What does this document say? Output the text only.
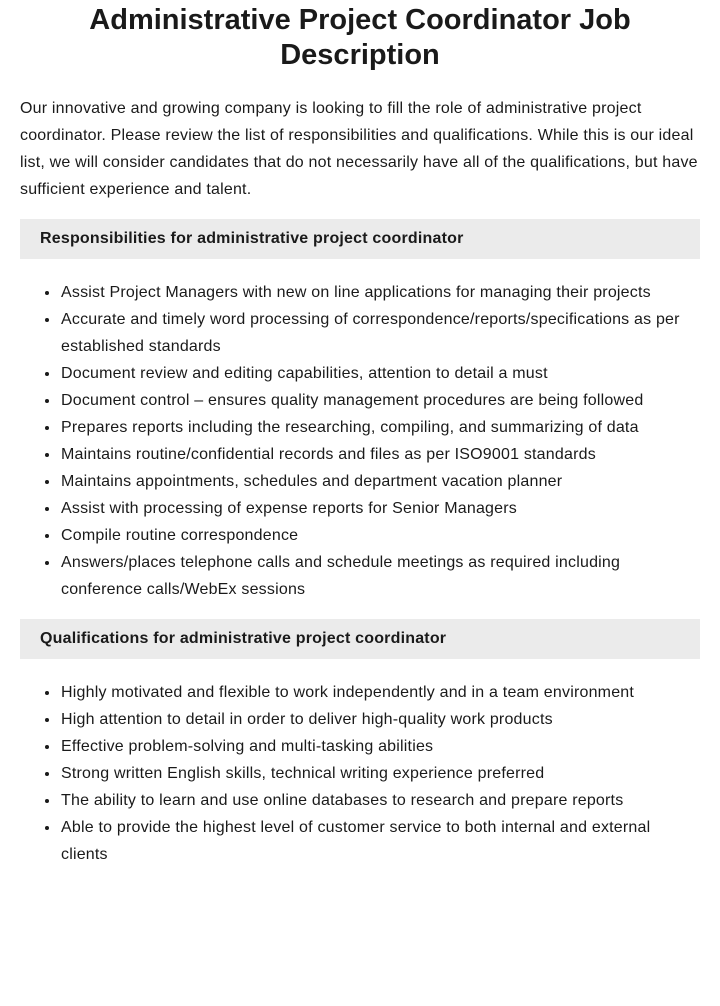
Administrative Project Coordinator Job Description

Our innovative and growing company is looking to fill the role of administrative project coordinator. Please review the list of responsibilities and qualifications. While this is our ideal list, we will consider candidates that do not necessarily have all of the qualifications, but have sufficient experience and talent.

Responsibilities for administrative project coordinator
• Assist Project Managers with new on line applications for managing their projects
• Accurate and timely word processing of correspondence/reports/specifications as per established standards
• Document review and editing capabilities, attention to detail a must
• Document control – ensures quality management procedures are being followed
• Prepares reports including the researching, compiling, and summarizing of data
• Maintains routine/confidential records and files as per ISO9001 standards
• Maintains appointments, schedules and department vacation planner
• Assist with processing of expense reports for Senior Managers
• Compile routine correspondence
• Answers/places telephone calls and schedule meetings as required including conference calls/WebEx sessions
Qualifications for administrative project coordinator
• Highly motivated and flexible to work independently and in a team environment
• High attention to detail in order to deliver high-quality work products
• Effective problem-solving and multi-tasking abilities
• Strong written English skills, technical writing experience preferred
• The ability to learn and use online databases to research and prepare reports
• Able to provide the highest level of customer service to both internal and external clients
